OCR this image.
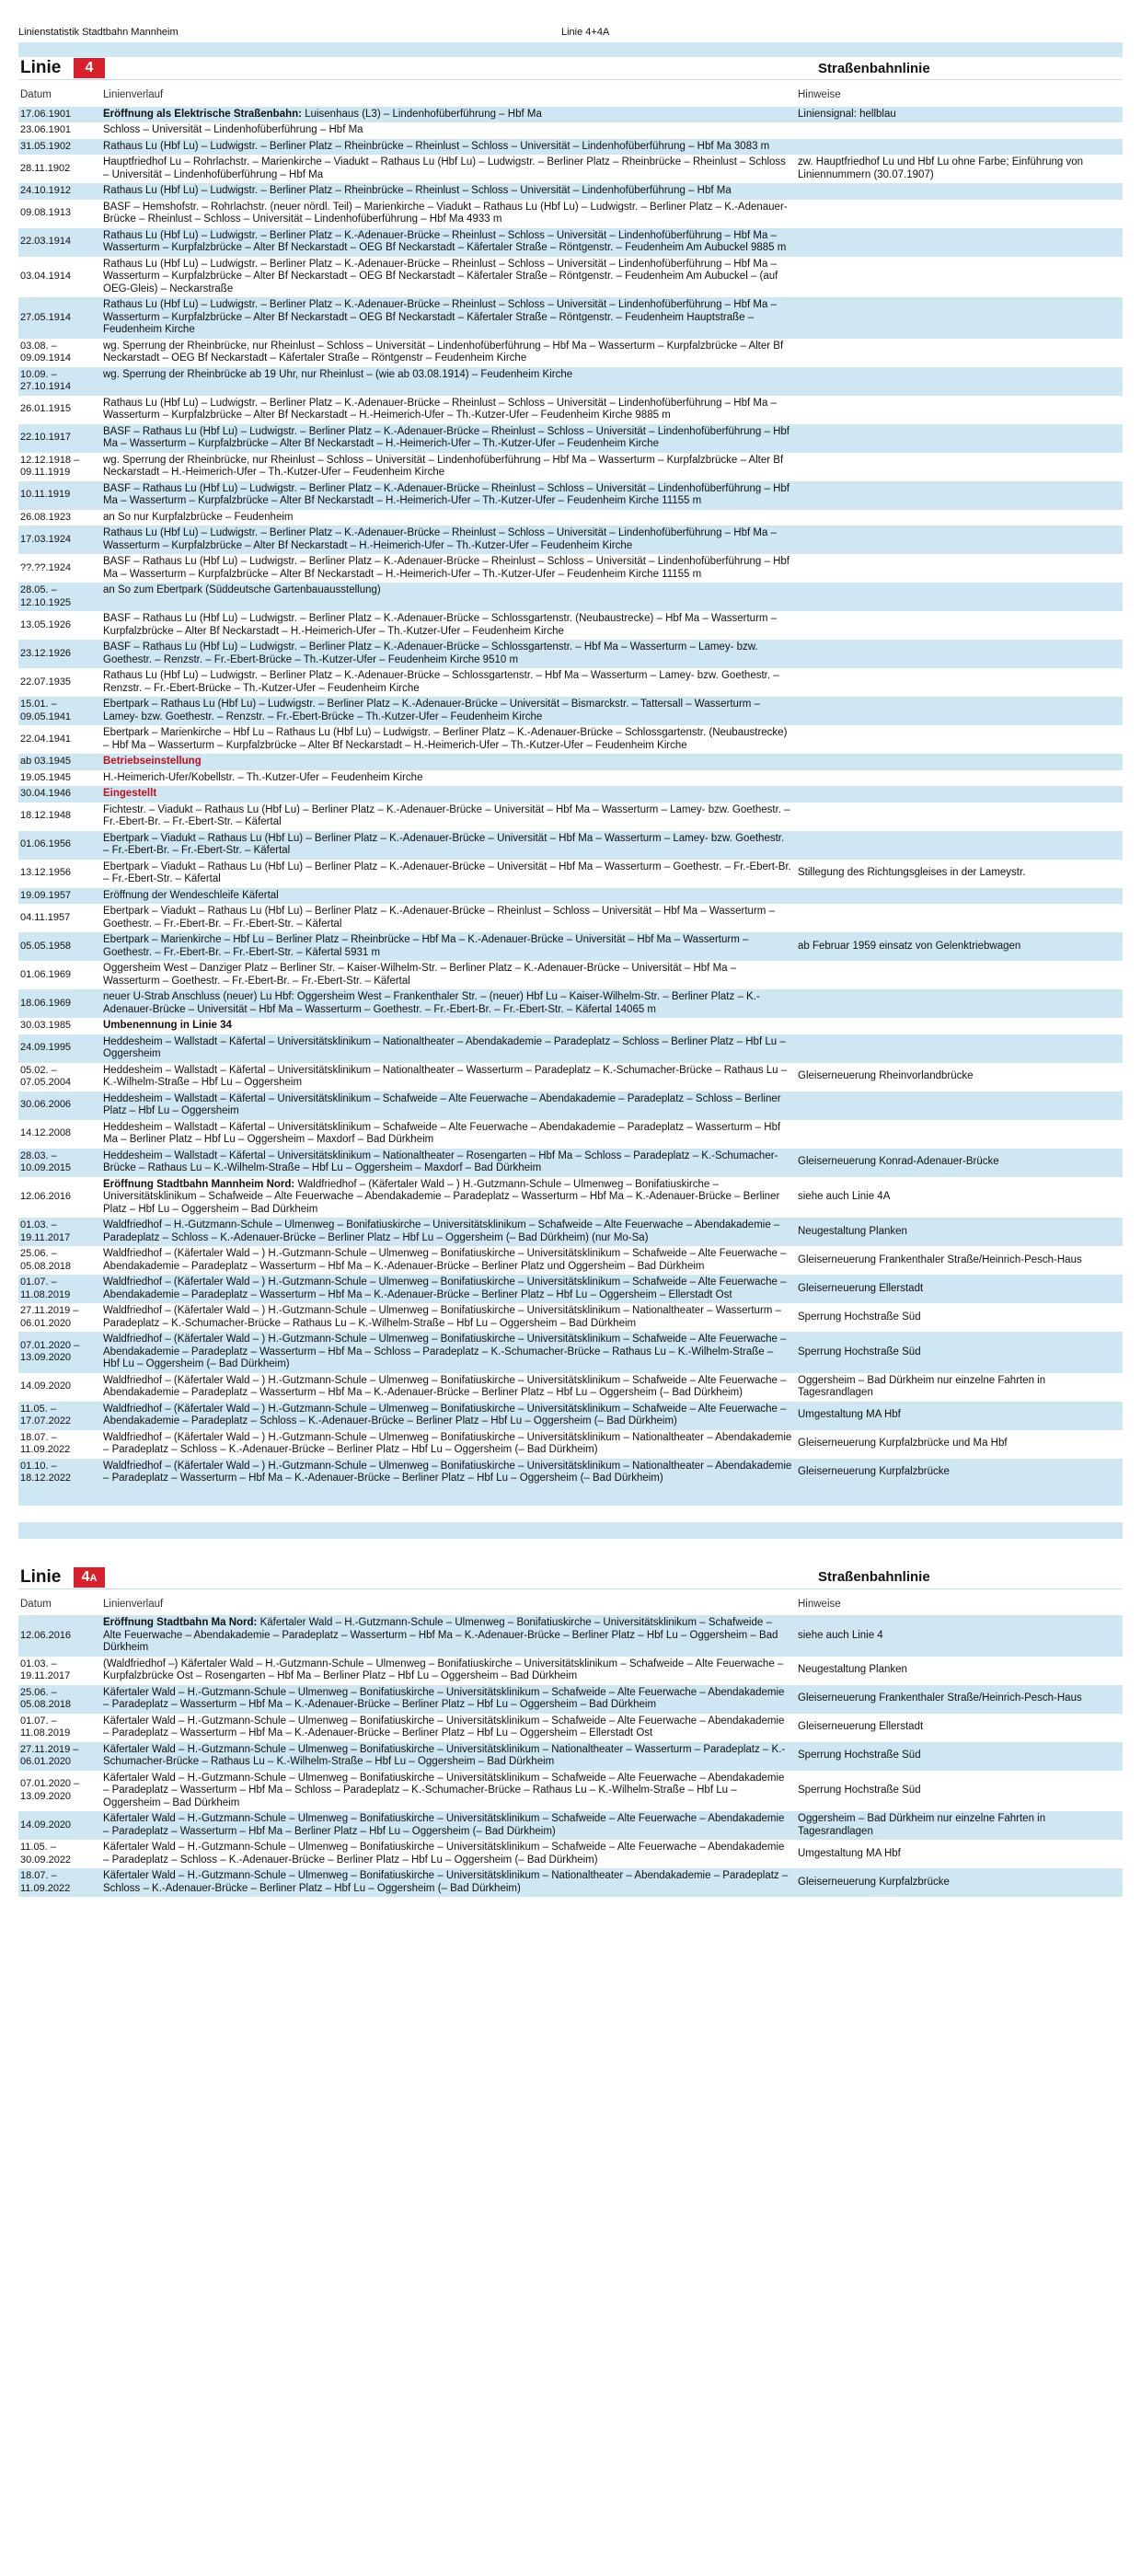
Linienstatistik Stadtbahn Mannheim	Linie 4+4A
Linie	4	Straßenbahnlinie
Datum	Linienverlauf	Hinweise
17.06.1901	Eröffnung als Elektrische Straßenbahn: Luisenhaus (L3) – Lindenhofüberführung – Hbf Ma	Liniensignal: hellblau
23.06.1901	Schloss – Universität – Lindenhofüberführung – Hbf Ma	
31.05.1902	Rathaus Lu (Hbf Lu) – Ludwigstr. – Berliner Platz – Rheinbrücke – Rheinlust – Schloss – Universität – Lindenhofüberführung – Hbf Ma 3083 m	
28.11.1902	Hauptfriedhof Lu – Rohrlachstr. – Marienkirche – Viadukt – Rathaus Lu (Hbf Lu) – Ludwigstr. – Berliner Platz – Rheinbrücke – Rheinlust – Schloss – Universität – Lindenhofüberführung – Hbf Ma	zw. Hauptfriedhof Lu und Hbf Lu ohne Farbe; Einführung von Liniennummern (30.07.1907)
24.10.1912	Rathaus Lu (Hbf Lu) – Ludwigstr. – Berliner Platz – Rheinbrücke – Rheinlust – Schloss – Universität – Lindenhofüberführung – Hbf Ma	
09.08.1913	BASF – Hemshofstr. – Rohrlachstr. (neuer nördl. Teil) – Marienkirche – Viadukt – Rathaus Lu (Hbf Lu) – Ludwigstr. – Berliner Platz – K.-Adenauer-Brücke – Rheinlust – Schloss – Universität – Lindenhofüberführung – Hbf Ma 4933 m	
22.03.1914	Rathaus Lu (Hbf Lu) – Ludwigstr. – Berliner Platz – K.-Adenauer-Brücke – Rheinlust – Schloss – Universität – Lindenhofüberführung – Hbf Ma – Wasserturm – Kurpfalzbrücke – Alter Bf Neckarstadt – OEG Bf Neckarstadt – Käfertaler Straße – Röntgenstr. – Feudenheim Am Aubuckel 9885 m	
03.04.1914	Rathaus Lu (Hbf Lu) – Ludwigstr. – Berliner Platz – K.-Adenauer-Brücke – Rheinlust – Schloss – Universität – Lindenhofüberführung – Hbf Ma – Wasserturm – Kurpfalzbrücke – Alter Bf Neckarstadt – OEG Bf Neckarstadt – Käfertaler Straße – Röntgenstr. – Feudenheim Am Aubuckel – (auf OEG-Gleis) – Neckarstraße	
27.05.1914	Rathaus Lu (Hbf Lu) – Ludwigstr. – Berliner Platz – K.-Adenauer-Brücke – Rheinlust – Schloss – Universität – Lindenhofüberführung – Hbf Ma – Wasserturm – Kurpfalzbrücke – Alter Bf Neckarstadt – OEG Bf Neckarstadt – Käfertaler Straße – Röntgenstr. – Feudenheim Hauptstraße – Feudenheim Kirche	
03.08. – 09.09.1914	wg. Sperrung der Rheinbrücke, nur Rheinlust – Schloss – Universität – Lindenhofüberführung – Hbf Ma – Wasserturm – Kurpfalzbrücke – Alter Bf Neckarstadt – OEG Bf Neckarstadt – Käfertaler Straße – Röntgenstr – Feudenheim Kirche	
10.09. – 27.10.1914	wg. Sperrung der Rheinbrücke ab 19 Uhr, nur Rheinlust – (wie ab 03.08.1914) – Feudenheim Kirche	
26.01.1915	Rathaus Lu (Hbf Lu) – Ludwigstr. – Berliner Platz – K.-Adenauer-Brücke – Rheinlust – Schloss – Universität – Lindenhofüberführung – Hbf Ma – Wasserturm – Kurpfalzbrücke – Alter Bf Neckarstadt – H.-Heimerich-Ufer – Th.-Kutzer-Ufer – Feudenheim Kirche 9885 m	
22.10.1917	BASF – Rathaus Lu (Hbf Lu) – Ludwigstr. – Berliner Platz – K.-Adenauer-Brücke – Rheinlust – Schloss – Universität – Lindenhofüberführung – Hbf Ma – Wasserturm – Kurpfalzbrücke – Alter Bf Neckarstadt – H.-Heimerich-Ufer – Th.-Kutzer-Ufer – Feudenheim Kirche	
12.12.1918 – 09.11.1919	wg. Sperrung der Rheinbrücke, nur Rheinlust – Schloss – Universität – Lindenhofüberführung – Hbf Ma – Wasserturm – Kurpfalzbrücke – Alter Bf Neckarstadt – H.-Heimerich-Ufer – Th.-Kutzer-Ufer – Feudenheim Kirche	
10.11.1919	BASF – Rathaus Lu (Hbf Lu) – Ludwigstr. – Berliner Platz – K.-Adenauer-Brücke – Rheinlust – Schloss – Universität – Lindenhofüberführung – Hbf Ma – Wasserturm – Kurpfalzbrücke – Alter Bf Neckarstadt – H.-Heimerich-Ufer – Th.-Kutzer-Ufer – Feudenheim Kirche 11155 m	
26.08.1923	an So nur Kurpfalzbrücke – Feudenheim	
17.03.1924	Rathaus Lu (Hbf Lu) – Ludwigstr. – Berliner Platz – K.-Adenauer-Brücke – Rheinlust – Schloss – Universität – Lindenhofüberführung – Hbf Ma – Wasserturm – Kurpfalzbrücke – Alter Bf Neckarstadt – H.-Heimerich-Ufer – Th.-Kutzer-Ufer – Feudenheim Kirche	
??.??.1924	BASF – Rathaus Lu (Hbf Lu) – Ludwigstr. – Berliner Platz – K.-Adenauer-Brücke – Rheinlust – Schloss – Universität – Lindenhofüberführung – Hbf Ma – Wasserturm – Kurpfalzbrücke – Alter Bf Neckarstadt – H.-Heimerich-Ufer – Th.-Kutzer-Ufer – Feudenheim Kirche 11155 m	
28.05. – 12.10.1925	an So zum Ebertpark (Süddeutsche Gartenbauausstellung)	
13.05.1926	BASF – Rathaus Lu (Hbf Lu) – Ludwigstr. – Berliner Platz – K.-Adenauer-Brücke – Schlossgartenstr. (Neubaustrecke) – Hbf Ma – Wasserturm – Kurpfalzbrücke – Alter Bf Neckarstadt – H.-Heimerich-Ufer – Th.-Kutzer-Ufer – Feudenheim Kirche	
23.12.1926	BASF – Rathaus Lu (Hbf Lu) – Ludwigstr. – Berliner Platz – K.-Adenauer-Brücke – Schlossgartenstr. – Hbf Ma – Wasserturm – Lamey- bzw. Goethestr. – Renzstr. – Fr.-Ebert-Brücke – Th.-Kutzer-Ufer – Feudenheim Kirche 9510 m	
22.07.1935	Rathaus Lu (Hbf Lu) – Ludwigstr. – Berliner Platz – K.-Adenauer-Brücke – Schlossgartenstr. – Hbf Ma – Wasserturm – Lamey- bzw. Goethestr. – Renzstr. – Fr.-Ebert-Brücke – Th.-Kutzer-Ufer – Feudenheim Kirche	
15.01. – 09.05.1941	Ebertpark – Rathaus Lu (Hbf Lu) – Ludwigstr. – Berliner Platz – K.-Adenauer-Brücke – Universität – Bismarckstr. – Tattersall – Wasserturm – Lamey- bzw. Goethestr. – Renzstr. – Fr.-Ebert-Brücke – Th.-Kutzer-Ufer – Feudenheim Kirche	
22.04.1941	Ebertpark – Marienkirche – Hbf Lu – Rathaus Lu (Hbf Lu) – Ludwigstr. – Berliner Platz – K.-Adenauer-Brücke – Schlossgartenstr. (Neubaustrecke) – Hbf Ma – Wasserturm – Kurpfalzbrücke – Alter Bf Neckarstadt – H.-Heimerich-Ufer – Th.-Kutzer-Ufer – Feudenheim Kirche	
ab 03.1945	Betriebseinstellung	
19.05.1945	H.-Heimerich-Ufer/Kobellstr. – Th.-Kutzer-Ufer – Feudenheim Kirche	
30.04.1946	Eingestellt	
18.12.1948	Fichtestr. – Viadukt – Rathaus Lu (Hbf Lu) – Berliner Platz – K.-Adenauer-Brücke – Universität – Hbf Ma – Wasserturm – Lamey- bzw. Goethestr. – Fr.-Ebert-Br. – Fr.-Ebert-Str. – Käfertal	
01.06.1956	Ebertpark – Viadukt – Rathaus Lu (Hbf Lu) – Berliner Platz – K.-Adenauer-Brücke – Universität – Hbf Ma – Wasserturm – Lamey- bzw. Goethestr. – Fr.-Ebert-Br. – Fr.-Ebert-Str. – Käfertal	
13.12.1956	Ebertpark – Viadukt – Rathaus Lu (Hbf Lu) – Berliner Platz – K.-Adenauer-Brücke – Universität – Hbf Ma – Wasserturm – Goethestr. – Fr.-Ebert-Br. – Fr.-Ebert-Str. – Käfertal	Stillegung des Richtungsgleises in der Lameystr.
19.09.1957	Eröffnung der Wendeschleife Käfertal	
04.11.1957	Ebertpark – Viadukt – Rathaus Lu (Hbf Lu) – Berliner Platz – K.-Adenauer-Brücke – Rheinlust – Schloss – Universität – Hbf Ma – Wasserturm – Goethestr. – Fr.-Ebert-Br. – Fr.-Ebert-Str. – Käfertal	
05.05.1958	Ebertpark – Marienkirche – Hbf Lu – Berliner Platz – Rheinbrücke – Hbf Ma – K.-Adenauer-Brücke – Universität – Hbf Ma – Wasserturm – Goethestr. – Fr.-Ebert-Br. – Fr.-Ebert-Str. – Käfertal 5931 m	ab Februar 1959 einsatz von Gelenktriebwagen
01.06.1969	Oggersheim West – Danziger Platz – Berliner Str. – Kaiser-Wilhelm-Str. – Berliner Platz – K.-Adenauer-Brücke – Universität – Hbf Ma – Wasserturm – Goethestr. – Fr.-Ebert-Br. – Fr.-Ebert-Str. – Käfertal	
18.06.1969	neuer U-Strab Anschluss (neuer) Lu Hbf: Oggersheim West – Frankenthaler Str. – (neuer) Hbf Lu – Kaiser-Wilhelm-Str. – Berliner Platz – K.-Adenauer-Brücke – Universität – Hbf Ma – Wasserturm – Goethestr. – Fr.-Ebert-Br. – Fr.-Ebert-Str. – Käfertal 14065 m	
30.03.1985	Umbenennung in Linie 34	
24.09.1995	Heddesheim – Wallstadt – Käfertal – Universitätsklinikum – Nationaltheater – Abendakademie – Paradeplatz – Schloss – Berliner Platz – Hbf Lu – Oggersheim	
05.02. – 07.05.2004	Heddesheim – Wallstadt – Käfertal – Universitätsklinikum – Nationaltheater – Wasserturm – Paradeplatz – K.-Schumacher-Brücke – Rathaus Lu – K.-Wilhelm-Straße – Hbf Lu – Oggersheim	Gleiserneuerung Rheinvorlandbrücke
30.06.2006	Heddesheim – Wallstadt – Käfertal – Universitätsklinikum – Schafweide – Alte Feuerwache – Abendakademie – Paradeplatz – Schloss – Berliner Platz – Hbf Lu – Oggersheim	
14.12.2008	Heddesheim – Wallstadt – Käfertal – Universitätsklinikum – Schafweide – Alte Feuerwache – Abendakademie – Paradeplatz – Wasserturm – Hbf Ma – Berliner Platz – Hbf Lu – Oggersheim – Maxdorf – Bad Dürkheim	
28.03. – 10.09.2015	Heddesheim – Wallstadt – Käfertal – Universitätsklinikum – Nationaltheater – Rosengarten – Hbf Ma – Schloss – Paradeplatz – K.-Schumacher-Brücke – Rathaus Lu – K.-Wilhelm-Straße – Hbf Lu – Oggersheim – Maxdorf – Bad Dürkheim	Gleiserneuerung Konrad-Adenauer-Brücke
12.06.2016	Eröffnung Stadtbahn Mannheim Nord: Waldfriedhof – (Käfertaler Wald – ) H.-Gutzmann-Schule – Ulmenweg – Bonifatiuskirche – Universitätsklinikum – Schafweide – Alte Feuerwache – Abendakademie – Paradeplatz – Wasserturm – Hbf Ma – K.-Adenauer-Brücke – Berliner Platz – Hbf Lu – Oggersheim – Bad Dürkheim	siehe auch Linie 4A
01.03. – 19.11.2017	Waldfriedhof – H.-Gutzmann-Schule – Ulmenweg – Bonifatiuskirche – Universitätsklinikum – Schafweide – Alte Feuerwache – Abendakademie – Paradeplatz – Schloss – K.-Adenauer-Brücke – Berliner Platz – Hbf Lu – Oggersheim (– Bad Dürkheim) (nur Mo-Sa)	Neugestaltung Planken
25.06. – 05.08.2018	Waldfriedhof – (Käfertaler Wald – ) H.-Gutzmann-Schule – Ulmenweg – Bonifatiuskirche – Universitätsklinikum – Schafweide – Alte Feuerwache – Abendakademie – Paradeplatz – Wasserturm – Hbf Ma – K.-Adenauer-Brücke – Berliner Platz und Oggersheim – Bad Dürkheim	Gleiserneuerung Frankenthaler Straße/Heinrich-Pesch-Haus
01.07. – 11.08.2019	Waldfriedhof – (Käfertaler Wald – ) H.-Gutzmann-Schule – Ulmenweg – Bonifatiuskirche – Universitätsklinikum – Schafweide – Alte Feuerwache – Abendakademie – Paradeplatz – Wasserturm – Hbf Ma – K.-Adenauer-Brücke – Berliner Platz – Hbf Lu – Oggersheim – Ellerstadt Ost	Gleiserneuerung Ellerstadt
27.11.2019 – 06.01.2020	Waldfriedhof – (Käfertaler Wald – ) H.-Gutzmann-Schule – Ulmenweg – Bonifatiuskirche – Universitätsklinikum – Nationaltheater – Wasserturm – Paradeplatz – K.-Schumacher-Brücke – Rathaus Lu – K.-Wilhelm-Straße – Hbf Lu – Oggersheim – Bad Dürkheim	Sperrung Hochstraße Süd
07.01.2020 – 13.09.2020	Waldfriedhof – (Käfertaler Wald – ) H.-Gutzmann-Schule – Ulmenweg – Bonifatiuskirche – Universitätsklinikum – Schafweide – Alte Feuerwache – Abendakademie – Paradeplatz – Wasserturm – Hbf Ma – Schloss – Paradeplatz – K.-Schumacher-Brücke – Rathaus Lu – K.-Wilhelm-Straße – Hbf Lu – Oggersheim (– Bad Dürkheim)	Sperrung Hochstraße Süd
14.09.2020	Waldfriedhof – (Käfertaler Wald – ) H.-Gutzmann-Schule – Ulmenweg – Bonifatiuskirche – Universitätsklinikum – Schafweide – Alte Feuerwache – Abendakademie – Paradeplatz – Wasserturm – Hbf Ma – K.-Adenauer-Brücke – Berliner Platz – Hbf Lu – Oggersheim (– Bad Dürkheim)	Oggersheim – Bad Dürkheim nur einzelne Fahrten in Tagesrandlagen
11.05. – 17.07.2022	Waldfriedhof – (Käfertaler Wald – ) H.-Gutzmann-Schule – Ulmenweg – Bonifatiuskirche – Universitätsklinikum – Schafweide – Alte Feuerwache – Abendakademie – Paradeplatz – Schloss – K.-Adenauer-Brücke – Berliner Platz – Hbf Lu – Oggersheim (– Bad Dürkheim)	Umgestaltung MA Hbf
18.07. – 11.09.2022	Waldfriedhof – (Käfertaler Wald – ) H.-Gutzmann-Schule – Ulmenweg – Bonifatiuskirche – Universitätsklinikum – Nationaltheater – Abendakademie – Paradeplatz – Schloss – K.-Adenauer-Brücke – Berliner Platz – Hbf Lu – Oggersheim (– Bad Dürkheim)	Gleiserneuerung Kurpfalzbrücke und Ma Hbf
01.10. – 18.12.2022	Waldfriedhof – (Käfertaler Wald – ) H.-Gutzmann-Schule – Ulmenweg – Bonifatiuskirche – Universitätsklinikum – Nationaltheater – Abendakademie – Paradeplatz – Wasserturm – Hbf Ma – K.-Adenauer-Brücke – Berliner Platz – Hbf Lu – Oggersheim (– Bad Dürkheim)	Gleiserneuerung Kurpfalzbrücke
Linie	4A	Straßenbahnlinie
Datum	Linienverlauf	Hinweise
12.06.2016	Eröffnung Stadtbahn Ma Nord: Käfertaler Wald – H.-Gutzmann-Schule – Ulmenweg – Bonifatiuskirche – Universitätsklinikum – Schafweide – Alte Feuerwache – Abendakademie – Paradeplatz – Wasserturm – Hbf Ma – K.-Adenauer-Brücke – Berliner Platz – Hbf Lu – Oggersheim – Bad Dürkheim	siehe auch Linie 4
01.03. – 19.11.2017	(Waldfriedhof –) Käfertaler Wald – H.-Gutzmann-Schule – Ulmenweg – Bonifatiuskirche – Universitätsklinikum – Schafweide – Alte Feuerwache – Kurpfalzbrücke Ost – Rosengarten – Hbf Ma – Berliner Platz – Hbf Lu – Oggersheim – Bad Dürkheim	Neugestaltung Planken
25.06. – 05.08.2018	Käfertaler Wald – H.-Gutzmann-Schule – Ulmenweg – Bonifatiuskirche – Universitätsklinikum – Schafweide – Alte Feuerwache – Abendakademie – Paradeplatz – Wasserturm – Hbf Ma – K.-Adenauer-Brücke – Berliner Platz – Hbf Lu – Oggersheim – Bad Dürkheim	Gleiserneuerung Frankenthaler Straße/Heinrich-Pesch-Haus
01.07. – 11.08.2019	Käfertaler Wald – H.-Gutzmann-Schule – Ulmenweg – Bonifatiuskirche – Universitätsklinikum – Schafweide – Alte Feuerwache – Abendakademie – Paradeplatz – Wasserturm – Hbf Ma – K.-Adenauer-Brücke – Berliner Platz – Hbf Lu – Oggersheim – Ellerstadt Ost	Gleiserneuerung Ellerstadt
27.11.2019 – 06.01.2020	Käfertaler Wald – H.-Gutzmann-Schule – Ulmenweg – Bonifatiuskirche – Universitätsklinikum – Nationaltheater – Wasserturm – Paradeplatz – K.-Schumacher-Brücke – Rathaus Lu – K.-Wilhelm-Straße – Hbf Lu – Oggersheim – Bad Dürkheim	Sperrung Hochstraße Süd
07.01.2020 – 13.09.2020	Käfertaler Wald – H.-Gutzmann-Schule – Ulmenweg – Bonifatiuskirche – Universitätsklinikum – Schafweide – Alte Feuerwache – Abendakademie – Paradeplatz – Wasserturm – Hbf Ma – Schloss – Paradeplatz – K.-Schumacher-Brücke – Rathaus Lu – K.-Wilhelm-Straße – Hbf Lu – Oggersheim – Bad Dürkheim	Sperrung Hochstraße Süd
14.09.2020	Käfertaler Wald – H.-Gutzmann-Schule – Ulmenweg – Bonifatiuskirche – Universitätsklinikum – Schafweide – Alte Feuerwache – Abendakademie – Paradeplatz – Wasserturm – Hbf Ma – Berliner Platz – Hbf Lu – Oggersheim (– Bad Dürkheim)	Oggersheim – Bad Dürkheim nur einzelne Fahrten in Tagesrandlagen
11.05. – 30.09.2022	Käfertaler Wald – H.-Gutzmann-Schule – Ulmenweg – Bonifatiuskirche – Universitätsklinikum – Schafweide – Alte Feuerwache – Abendakademie – Paradeplatz – Schloss – K.-Adenauer-Brücke – Berliner Platz – Hbf Lu – Oggersheim (– Bad Dürkheim)	Umgestaltung MA Hbf
18.07. – 11.09.2022	Käfertaler Wald – H.-Gutzmann-Schule – Ulmenweg – Bonifatiuskirche – Universitätsklinikum – Nationaltheater – Abendakademie – Paradeplatz – Schloss – K.-Adenauer-Brücke – Berliner Platz – Hbf Lu – Oggersheim (– Bad Dürkheim)	Gleiserneuerung Kurpfalzbrücke
